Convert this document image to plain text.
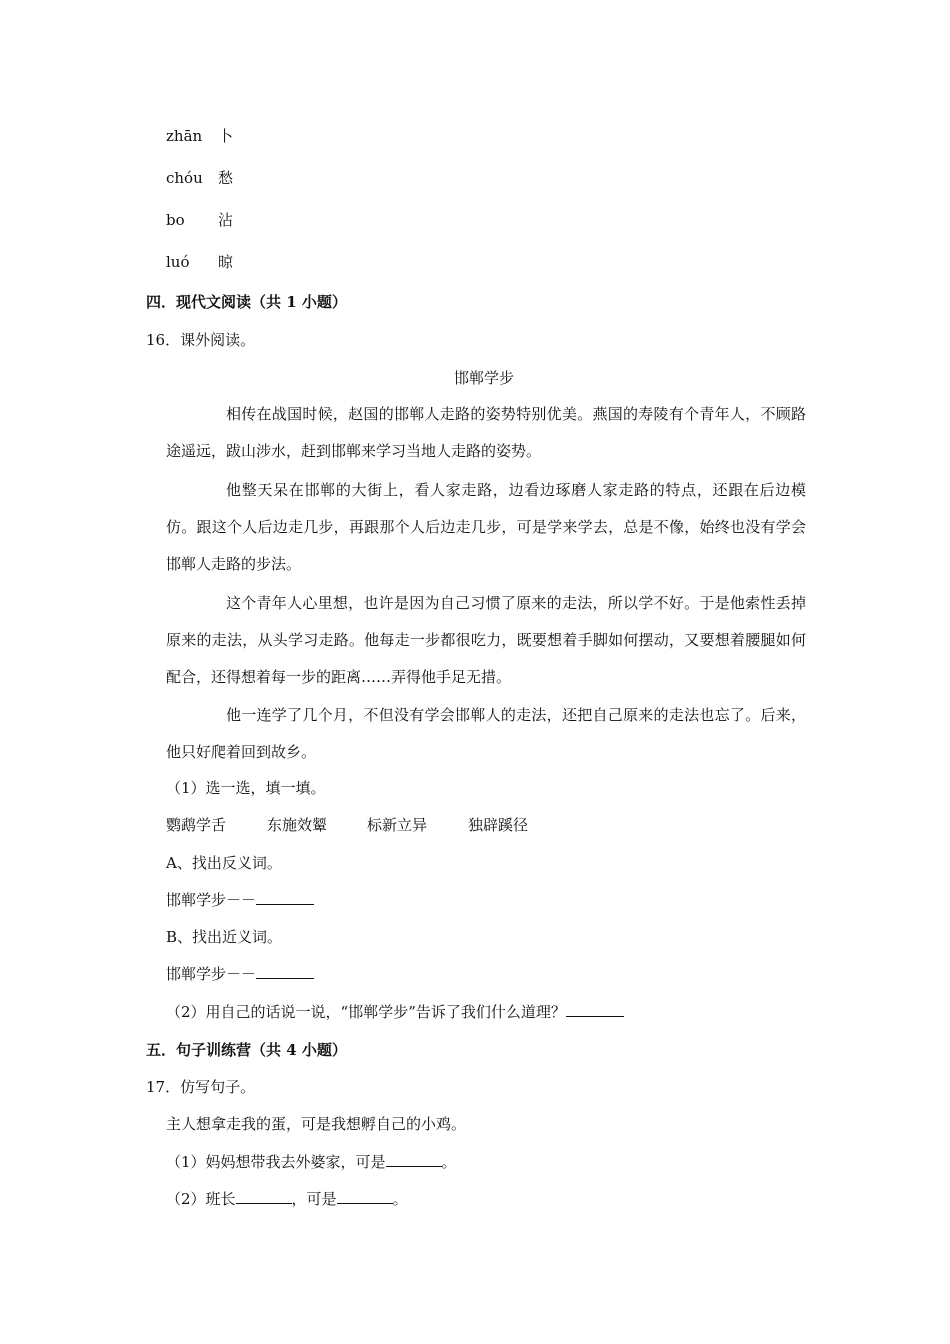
zhān 卜
chóu 愁
bo 沾
luó 晾
四．现代文阅读（共 1 小题）
16．课外阅读。
邯郸学步
相传在战国时候，赵国的邯郸人走路的姿势特别优美。燕国的寿陵有个青年人，不顾路途遥远，跋山涉水，赶到邯郸来学习当地人走路的姿势。
他整天呆在邯郸的大街上，看人家走路，边看边琢磨人家走路的特点，还跟在后边模仿。跟这个人后边走几步，再跟那个人后边走几步，可是学来学去，总是不像，始终也没有学会邯郸人走路的步法。
这个青年人心里想，也许是因为自己习惯了原来的走法，所以学不好。于是他索性丢掉原来的走法，从头学习走路。他每走一步都很吃力，既要想着手脚如何摆动，又要想着腰腿如何配合，还得想着每一步的距离……弄得他手足无措。
他一连学了几个月，不但没有学会邯郸人的走法，还把自己原来的走法也忘了。后来，他只好爬着回到故乡。
（1）选一选，填一填。
鹦鹉学舌	东施效颦	标新立异	独辟蹊径
A、找出反义词。
邯郸学步－－
B、找出近义词。
邯郸学步－－
（2）用自己的话说一说，“邯郸学步”告诉了我们什么道理？
五．句子训练营（共 4 小题）
17．仿写句子。
主人想拿走我的蛋，可是我想孵自己的小鸡。
（1）妈妈想带我去外婆家，可是	。
（2）班长	，可是	。
